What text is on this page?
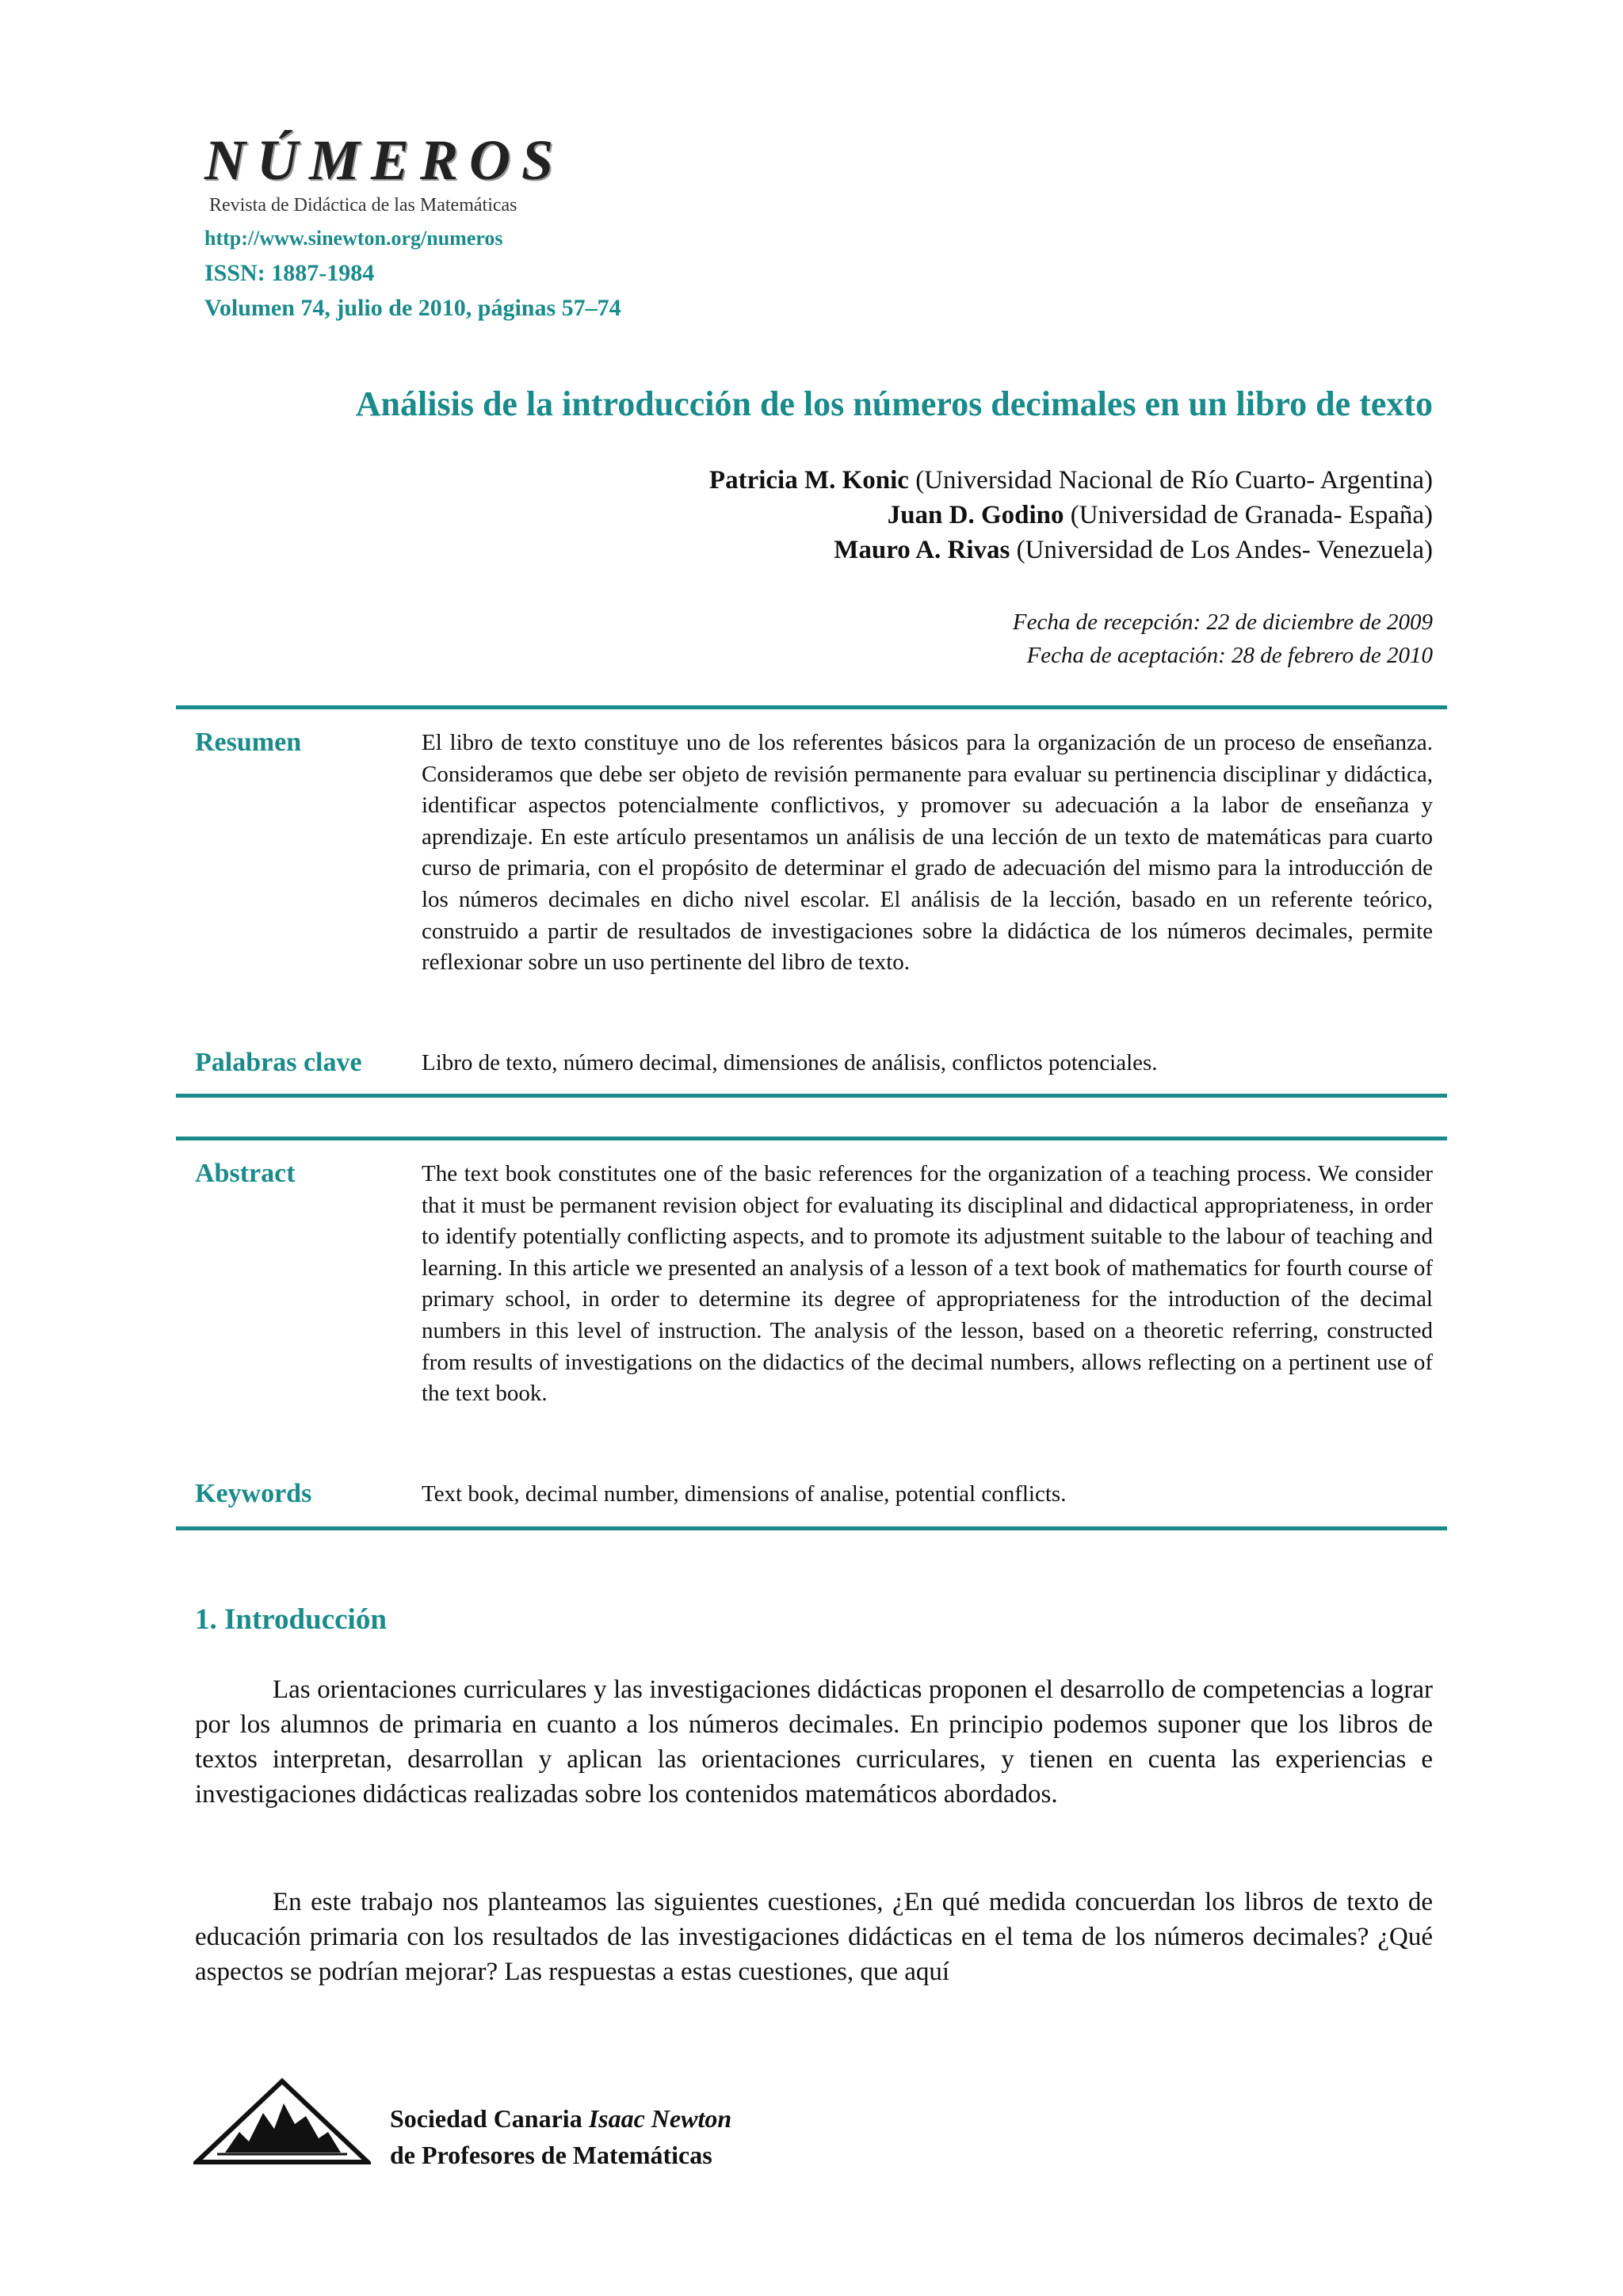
NÚMEROS
Revista de Didáctica de las Matemáticas
http://www.sinewton.org/numeros
ISSN: 1887-1984
Volumen 74, julio de 2010, páginas 57–74
Análisis de la introducción de los números decimales en un libro de texto
Patricia M. Konic (Universidad Nacional de Río Cuarto- Argentina)
Juan D. Godino (Universidad de Granada- España)
Mauro A. Rivas (Universidad de Los Andes- Venezuela)
Fecha de recepción: 22 de diciembre de 2009
Fecha de aceptación: 28 de febrero de 2010
Resumen	El libro de texto constituye uno de los referentes básicos para la organización de un proceso de enseñanza. Consideramos que debe ser objeto de revisión permanente para evaluar su pertinencia disciplinar y didáctica, identificar aspectos potencialmente conflictivos, y promover su adecuación a la labor de enseñanza y aprendizaje. En este artículo presentamos un análisis de una lección de un texto de matemáticas para cuarto curso de primaria, con el propósito de determinar el grado de adecuación del mismo para la introducción de los números decimales en dicho nivel escolar. El análisis de la lección, basado en un referente teórico, construido a partir de resultados de investigaciones sobre la didáctica de los números decimales, permite reflexionar sobre un uso pertinente del libro de texto.
Palabras clave	Libro de texto, número decimal, dimensiones de análisis, conflictos potenciales.
Abstract	The text book constitutes one of the basic references for the organization of a teaching process. We consider that it must be permanent revision object for evaluating its disciplinal and didactical appropriateness, in order to identify potentially conflicting aspects, and to promote its adjustment suitable to the labour of teaching and learning. In this article we presented an analysis of a lesson of a text book of mathematics for fourth course of primary school, in order to determine its degree of appropriateness for the introduction of the decimal numbers in this level of instruction. The analysis of the lesson, based on a theoretic referring, constructed from results of investigations on the didactics of the decimal numbers, allows reflecting on a pertinent use of the text book.
Keywords	Text book, decimal number, dimensions of analise, potential conflicts.
1. Introducción
Las orientaciones curriculares y las investigaciones didácticas proponen el desarrollo de competencias a lograr por los alumnos de primaria en cuanto a los números decimales. En principio podemos suponer que los libros de textos interpretan, desarrollan y aplican las orientaciones curriculares, y tienen en cuenta las experiencias e investigaciones didácticas realizadas sobre los contenidos matemáticos abordados.
En este trabajo nos planteamos las siguientes cuestiones, ¿En qué medida concuerdan los libros de texto de educación primaria con los resultados de las investigaciones didácticas en el tema de los números decimales? ¿Qué aspectos se podrían mejorar? Las respuestas a estas cuestiones, que aquí
Sociedad Canaria Isaac Newton
de Profesores de Matemáticas
